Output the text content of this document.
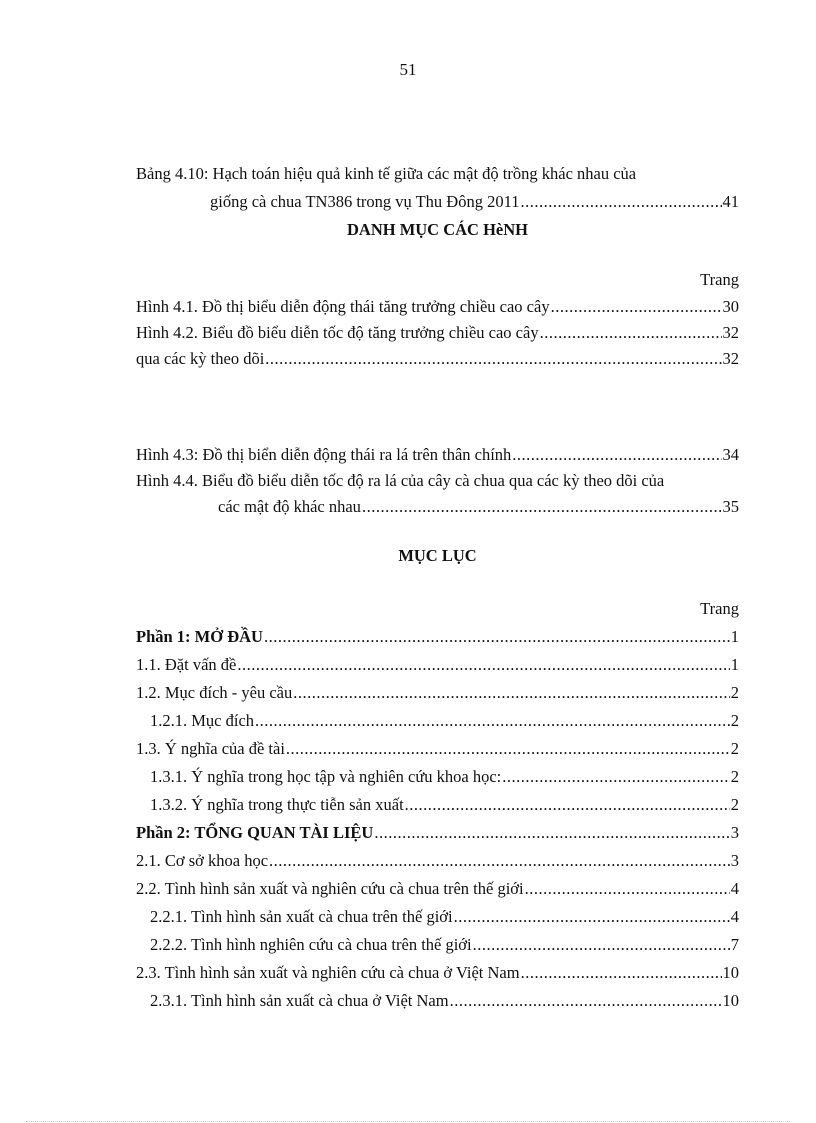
51
Bảng 4.10: Hạch toán hiệu quả kinh tế giữa các mật độ trồng khác nhau của
giống cà chua TN386 trong vụ Thu Đông 2011 .....	41
DANH MỤC CÁC HèNH
Trang
Hình 4.1. Đồ thị biểu diễn động thái tăng trưởng chiều cao cây .....	30
Hình 4.2. Biểu đồ biểu diễn tốc độ tăng trưởng chiều cao cây .....	32
qua các kỳ theo dõi .....	32
Hình 4.3: Đồ thị biển diễn động thái ra lá trên thân chính .....	34
Hình 4.4. Biểu đồ biểu diễn tốc độ ra lá của cây cà chua qua các kỳ theo dõi của
các mật độ khác nhau .....	35
MỤC LỤC
Trang
Phần 1: MỞ ĐẦU .....	1
1.1. Đặt vấn đề .....	1
1.2. Mục đích - yêu cầu .....	2
1.2.1. Mục đích .....	2
1.3. Ý nghĩa của đề tài .....	2
1.3.1. Ý nghĩa trong học tập và nghiên cứu khoa học: .....	2
1.3.2. Ý nghĩa trong thực tiễn sản xuất .....	2
Phần 2: TỔNG QUAN TÀI LIỆU .....	3
2.1. Cơ sở khoa học .....	3
2.2. Tình hình sản xuất và nghiên cứu cà chua trên thế giới .....	4
2.2.1. Tình hình sản xuất cà chua trên thế giới .....	4
2.2.2. Tình hình nghiên cứu cà chua trên thế giới .....	7
2.3. Tình hình sản xuất và nghiên cứu cà chua ở Việt Nam .....	10
2.3.1. Tình hình sản xuất cà chua ở Việt Nam .....	10
